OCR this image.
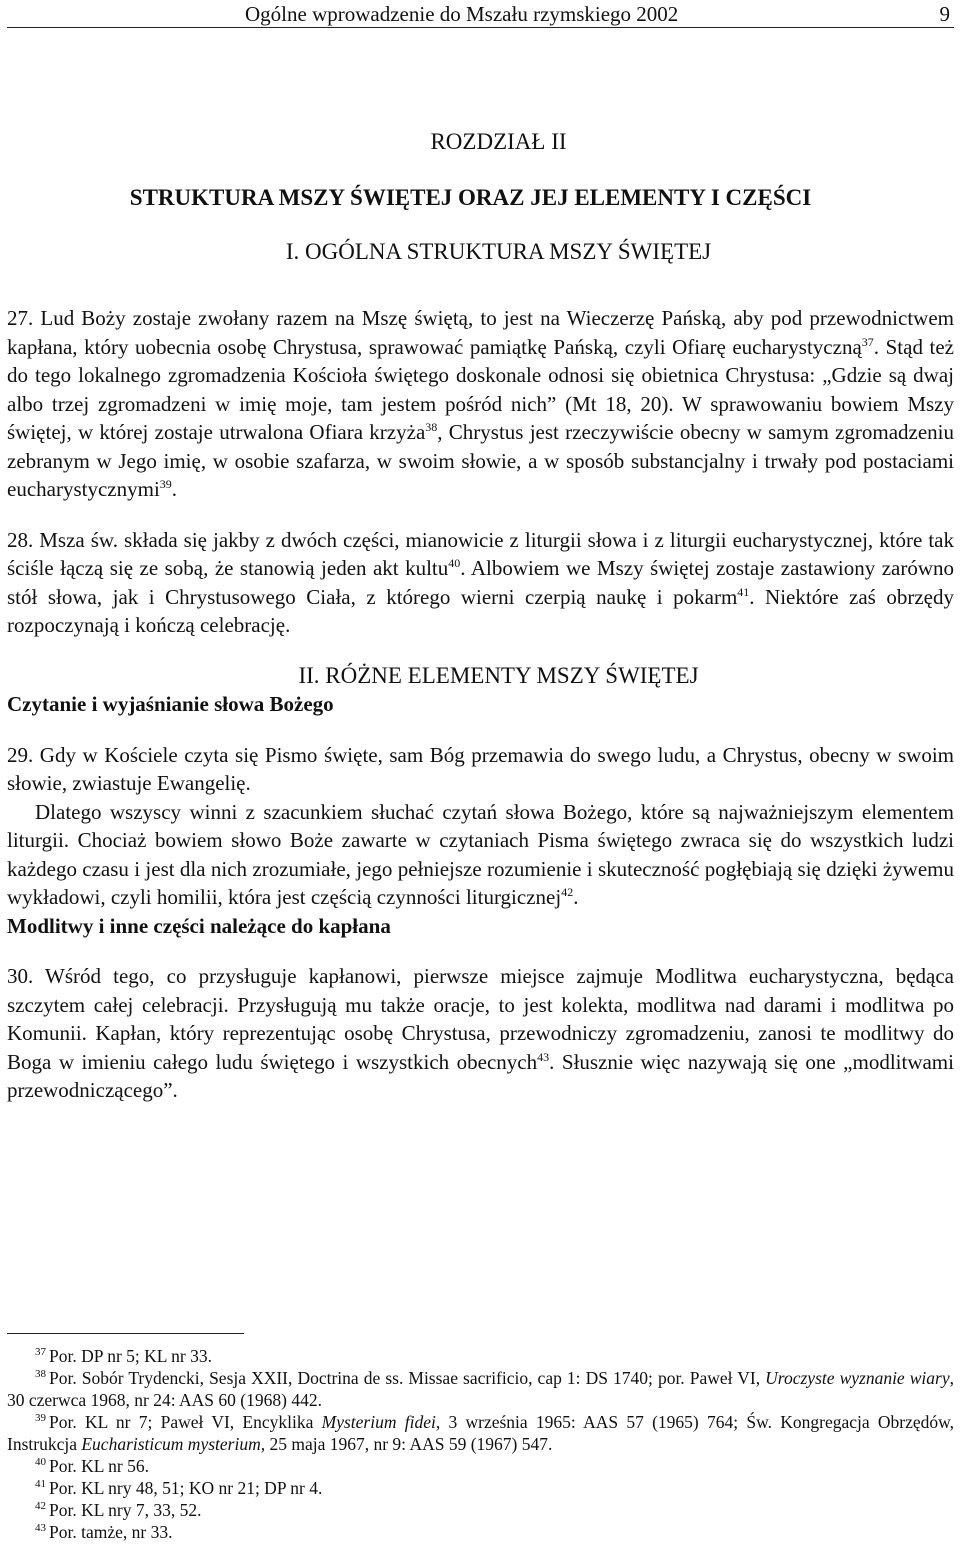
Ogólne wprowadzenie do Mszału rzymskiego 2002	9
ROZDZIAŁ II
STRUKTURA MSZY ŚWIĘTEJ ORAZ JEJ ELEMENTY I CZĘŚCI
I. OGÓLNA STRUKTURA MSZY ŚWIĘTEJ

27. Lud Boży zostaje zwołany razem na Mszę świętą, to jest na Wieczerzę Pańską, aby pod przewodnictwem kapłana, który uobecnia osobę Chrystusa, sprawować pamiątkę Pańską, czyli Ofiarę eucharystyczną$^{37}$. Stąd też do tego lokalnego zgromadzenia Kościoła świętego doskonale odnosi się obietnica Chrystusa: „Gdzie są dwaj albo trzej zgromadzeni w imię moje, tam jestem pośród nich” (Mt 18, 20). W sprawowaniu bowiem Mszy świętej, w której zostaje utrwalona Ofiara krzyża$^{38}$, Chrystus jest rzeczywiście obecny w samym zgromadzeniu zebranym w Jego imię, w osobie szafarza, w swoim słowie, a w sposób substancjalny i trwały pod postaciami eucharystycznymi$^{39}$.

28. Msza św. składa się jakby z dwóch części, mianowicie z liturgii słowa i z liturgii eucharystycznej, które tak ściśle łączą się ze sobą, że stanowią jeden akt kultu$^{40}$. Albowiem we Mszy świętej zostaje zastawiony zarówno stół słowa, jak i Chrystusowego Ciała, z którego wierni czerpią naukę i pokarm$^{41}$. Niektóre zaś obrzędy rozpoczynają i kończą celebrację.

II. RÓŻNE ELEMENTY MSZY ŚWIĘTEJ

Czytanie i wyjaśnianie słowa Bożego

29. Gdy w Kościele czyta się Pismo święte, sam Bóg przemawia do swego ludu, a Chrystus, obecny w swoim słowie, zwiastuje Ewangelię.

Dlatego wszyscy winni z szacunkiem słuchać czytań słowa Bożego, które są najważniejszym elementem liturgii. Chociaż bowiem słowo Boże zawarte w czytaniach Pisma świętego zwraca się do wszystkich ludzi każdego czasu i jest dla nich zrozumiałe, jego pełniejsze rozumienie i skuteczność pogłębiają się dzięki żywemu wykładowi, czyli homilii, która jest częścią czynności liturgicznej$^{42}$.

Modlitwy i inne części należące do kapłana

30. Wśród tego, co przysługuje kapłanowi, pierwsze miejsce zajmuje Modlitwa eucharystyczna, będąca szczytem całej celebracji. Przysługują mu także oracje, to jest kolekta, modlitwa nad darami i modlitwa po Komunii. Kapłan, który reprezentując osobę Chrystusa, przewodniczy zgromadzeniu, zanosi te modlitwy do Boga w imieniu całego ludu świętego i wszystkich obecnych$^{43}$. Słusznie więc nazywają się one „modlitwami przewodniczącego”.

$^{37}$ Por. DP nr 5; KL nr 33.

$^{38}$ Por. Sobór Trydencki, Sesja XXII, Doctrina de ss. Missae sacrificio, cap 1: DS 1740; por. Paweł VI, Uroczyste wyznanie wiary, 30 czerwca 1968, nr 24: AAS 60 (1968) 442.

$^{39}$ Por. KL nr 7; Paweł VI, Encyklika Mysterium fidei, 3 września 1965: AAS 57 (1965) 764; Św. Kongregacja Obrzędów, Instrukcja Eucharisticum mysterium, 25 maja 1967, nr 9: AAS 59 (1967) 547.

$^{40}$ Por. KL nr 56.

$^{41}$ Por. KL nry 48, 51; KO nr 21; DP nr 4.

$^{42}$ Por. KL nry 7, 33, 52.

$^{43}$ Por. tamże, nr 33.
